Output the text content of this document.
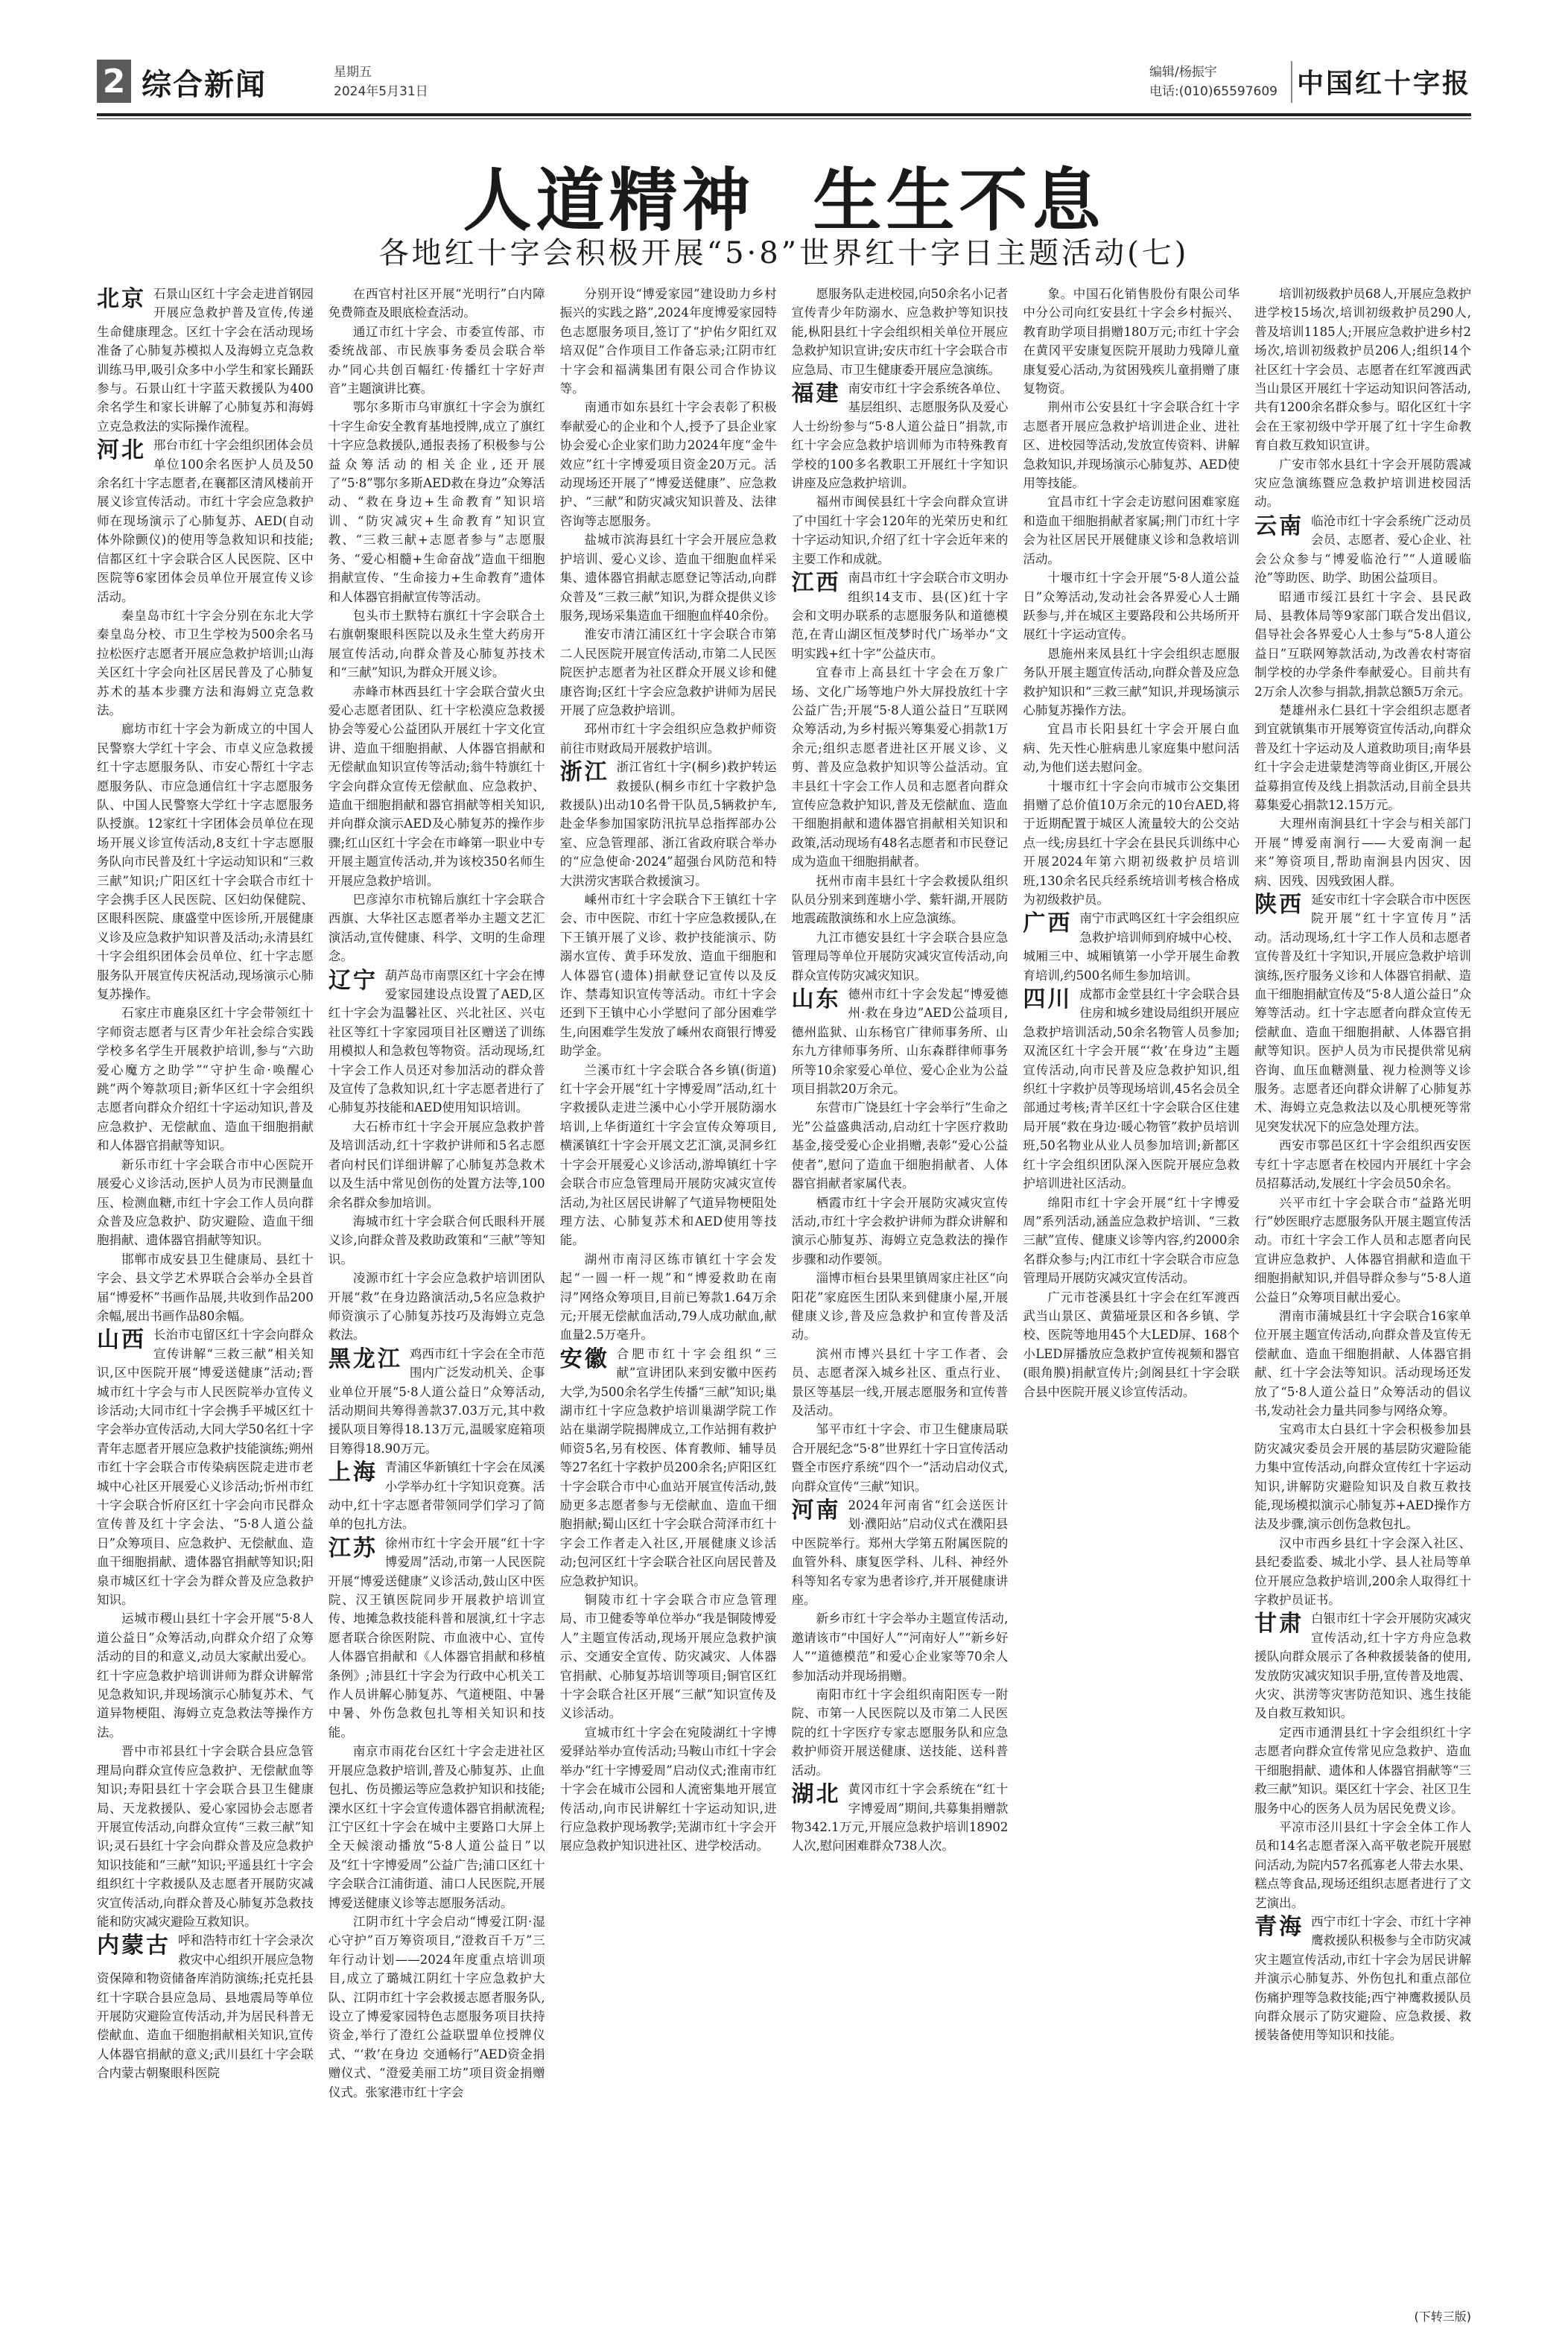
2 综合新闻	星期五
2024年5月31日
编辑/杨振宇
电话:(010)65597609 中国红十字报
人道精神 生生不息
各地红十字会积极开展“5·8”世界红十字日主题活动(七)

北京 石景山区红十字会走进首钢园开展应急救护普及宣传,传递生命健康理念。区红十字会在活动现场准备了心肺复苏模拟人及海姆立克急救训练马甲,吸引众多中小学生和家长踊跃参与。石景山红十字蓝天救援队为400余名学生和家长讲解了心肺复苏和海姆立克急救法的实际操作流程。

河北 邢台市红十字会组织团体会员单位100余名医护人员及50余名红十字志愿者,在襄都区清风楼前开展义诊宣传活动。市红十字会应急救护师在现场演示了心肺复苏、AED(自动体外除颤仪)的使用等急救知识和技能;信都区红十字会联合区人民医院、区中医院等6家团体会员单位开展宣传义诊活动。

秦皇岛市红十字会分别在东北大学秦皇岛分校、市卫生学校为500余名马拉松医疗志愿者开展应急救护培训;山海关区红十字会向社区居民普及了心肺复苏术的基本步骤方法和海姆立克急救法。

廊坊市红十字会为新成立的中国人民警察大学红十字会、市卓义应急救援红十字志愿服务队、市安心帮红十字志愿服务队、市应急通信红十字志愿服务队、中国人民警察大学红十字志愿服务队授旗。12家红十字团体会员单位在现场开展义诊宣传活动,8支红十字志愿服务队向市民普及红十字运动知识和“三救三献”知识;广阳区红十字会联合市红十字会携手区人民医院、区妇幼保健院、区眼科医院、康盛堂中医诊所,开展健康义诊及应急救护知识普及活动;永清县红十字会组织团体会员单位、红十字志愿服务队开展宣传庆祝活动,现场演示心肺复苏操作。

石家庄市鹿泉区红十字会带领红十字师资志愿者与区青少年社会综合实践学校多名学生开展救护培训,参与“六助爱心魔方之助学”“守护生命·唤醒心跳”两个筹款项目;新华区红十字会组织志愿者向群众介绍红十字运动知识,普及应急救护、无偿献血、造血干细胞捐献和人体器官捐献等知识。

新乐市红十字会联合市中心医院开展爱心义诊活动,医护人员为市民测量血压、检测血糖,市红十字会工作人员向群众普及应急救护、防灾避险、造血干细胞捐献、遗体器官捐献等知识。

邯郸市成安县卫生健康局、县红十字会、县文学艺术界联合会举办全县首届“博爱杯”书画作品展,共收到作品200余幅,展出书画作品80余幅。

山西 长治市屯留区红十字会向群众宣传讲解“三救三献”相关知识,区中医院开展“博爱送健康”活动;晋城市红十字会与市人民医院举办宣传义诊活动;大同市红十字会携手平城区红十字会举办宣传活动,大同大学50名红十字青年志愿者开展应急救护技能演练;朔州市红十字会联合市传染病医院走进市老城中心社区开展爱心义诊活动;忻州市红十字会联合忻府区红十字会向市民群众宣传普及红十字会法、“5·8人道公益日”众筹项目、应急救护、无偿献血、造血干细胞捐献、遗体器官捐献等知识;阳泉市城区红十字会为群众普及应急救护知识。

运城市稷山县红十字会开展“5·8人道公益日”众筹活动,向群众介绍了众筹活动的目的和意义,动员大家献出爱心。红十字应急救护培训讲师为群众讲解常见急救知识,并现场演示心肺复苏术、气道异物梗阻、海姆立克急救法等操作方法。

晋中市祁县红十字会联合县应急管理局向群众宣传应急救护、无偿献血等知识;寿阳县红十字会联合县卫生健康局、天龙救援队、爱心家园协会志愿者开展宣传活动,向群众宣传“三救三献”知识;灵石县红十字会向群众普及应急救护知识技能和“三献”知识;平遥县红十字会组织红十字救援队及志愿者开展防灾减灾宣传活动,向群众普及心肺复苏急救技能和防灾减灾避险互救知识。

内蒙古 呼和浩特市红十字会录次救灾中心组织开展应急物资保障和物资储备库消防演练;托克托县红十字联合县应急局、县地震局等单位开展防灾避险宣传活动,并为居民科普无偿献血、造血干细胞捐献相关知识,宣传人体器官捐献的意义;武川县红十字会联合内蒙古朝聚眼科医院

在西官村社区开展“光明行”白内障免费筛查及眼底检查活动。

通辽市红十字会、市委宣传部、市委统战部、市民族事务委员会联合举办“同心共创百幅红·传播红十字好声音”主题演讲比赛。

鄂尔多斯市乌审旗红十字会为旗红十字生命安全教育基地授牌,成立了旗红十字应急救援队,通报表扬了积极参与公益众筹活动的相关企业,还开展了“5·8”鄂尔多斯AED救在身边”众筹活动、“救在身边+生命教育”知识培训、“防灾减灾+生命教育”知识宣教、“三救三献+志愿者参与”志愿服务、“爱心相髓+生命奋战”造血干细胞捐献宣传、“生命接力+生命教育”遗体和人体器官捐献宣传等活动。

包头市土默特右旗红十字会联合土右旗朝聚眼科医院以及永生堂大药房开展宣传活动,向群众普及心肺复苏技术和“三献”知识,为群众开展义诊。

赤峰市林西县红十字会联合萤火虫爱心志愿者团队、红十字松漠应急救援协会等爱心公益团队开展红十字文化宣讲、造血干细胞捐献、人体器官捐献和无偿献血知识宣传等活动;翁牛特旗红十字会向群众宣传无偿献血、应急救护、造血干细胞捐献和器官捐献等相关知识,并向群众演示AED及心肺复苏的操作步骤;红山区红十字会在市峰第一职业中专开展主题宣传活动,并为该校350名师生开展应急救护培训。

巴彦淖尔市杭锦后旗红十字会联合西旗、大华社区志愿者举办主题文艺汇演活动,宣传健康、科学、文明的生命理念。

辽宁 葫芦岛市南票区红十字会在博爱家园建设点设置了AED,区红十字会为温馨社区、兴北社区、兴屯社区等红十字家园项目社区赠送了训练用模拟人和急救包等物资。活动现场,红十字会工作人员还对参加活动的群众普及宣传了急救知识,红十字志愿者进行了心肺复苏技能和AED使用知识培训。

大石桥市红十字会开展应急救护普及培训活动,红十字救护讲师和5名志愿者向村民们详细讲解了心肺复苏急救术以及生活中常见创伤的处置方法等,100余名群众参加培训。

海城市红十字会联合何氏眼科开展义诊,向群众普及救助政策和“三献”等知识。

凌源市红十字会应急救护培训团队开展“救”在身边路演活动,5名应急救护师资演示了心肺复苏技巧及海姆立克急救法。

黑龙江 鸡西市红十字会在全市范围内广泛发动机关、企事业单位开展“5·8人道公益日”众筹活动,活动期间共筹得善款37.03万元,其中救援队项目筹得18.13万元,温暖家庭箱项目筹得18.90万元。

上海 青浦区华新镇红十字会在凤溪小学举办红十字知识竞赛。活动中,红十字志愿者带领同学们学习了简单的包扎方法。

江苏 徐州市红十字会开展“红十字博爱周”活动,市第一人民医院开展“博爱送健康”义诊活动,鼓山区中医院、汉王镇医院同步开展救护培训宣传、地摊急救技能科普和展演,红十字志愿者联合徐医附院、市血液中心、宣传人体器官捐献和《人体器官捐献和移植条例》;沛县红十字会为行政中心机关工作人员讲解心肺复苏、气道梗阻、中暑中暑、外伤急救包扎等相关知识和技能。

南京市雨花台区红十字会走进社区开展应急救护培训,普及心肺复苏、止血包扎、伤员搬运等应急救护知识和技能;溧水区红十字会宣传遗体器官捐献流程;江宁区红十字会在城中主要路口大屏上全天候滚动播放“5·8人道公益日”以及“红十字博爱周”公益广告;浦口区红十字会联合江浦街道、浦口人民医院,开展博爱送健康义诊等志愿服务活动。

江阴市红十字会启动“博爱江阴·湿心守护”百万筹资项目,“澄救百千万”三年行动计划——2024年度重点培训项目,成立了璐城江阴红十字应急救护大队、江阴市红十字会救援志愿者服务队,设立了博爱家园特色志愿服务项目扶持资金,举行了澄红公益联盟单位授牌仪式、“‘救’在身边 交通畅行”AED资金捐赠仪式、“澄爱美丽工坊”项目资金捐赠仪式。张家港市红十字会

分别开设“博爱家园”建设助力乡村振兴的实践之路”,2024年度博爱家园特色志愿服务项目,签订了“护佑夕阳红双培双促”合作项目工作备忘录;江阴市红十字会和福满集团有限公司合作协议等。

南通市如东县红十字会表彰了积极奉献爱心的企业和个人,授予了县企业家协会爱心企业家们助力2024年度“金牛效应”红十字博爱项目资金20万元。活动现场还开展了“博爱送健康”、应急救护、“三献”和防灾减灾知识普及、法律咨询等志愿服务。

盐城市滨海县红十字会开展应急救护培训、爱心义诊、造血干细胞血样采集、遗体器官捐献志愿登记等活动,向群众普及“三救三献”知识,为群众提供义诊服务,现场采集造血干细胞血样40余份。

淮安市清江浦区红十字会联合市第二人民医院开展宣传活动,市第二人民医院医护志愿者为社区群众开展义诊和健康咨询;区红十字会应急救护讲师为居民开展了应急救护培训。

邳州市红十字会组织应急救护师资前往市财政局开展救护培训。

浙江 浙江省红十字(桐乡)救护转运救援队(桐乡市红十字救护急救援队)出动10名骨干队员,5辆救护车,赴金华参加国家防汛抗旱总指挥部办公室、应急管理部、浙江省政府联合举办的“应急使命·2024”超强台风防范和特大洪涝灾害联合救援演习。

嵊州市红十字会联合下王镇红十字会、市中医院、市红十字应急救援队,在下王镇开展了义诊、救护技能演示、防溺水宣传、黄手环发放、造血干细胞和人体器官(遗体)捐献登记宣传以及反诈、禁毒知识宣传等活动。市红十字会还到下王镇中心小学慰问了部分困难学生,向困难学生发放了嵊州农商银行博爱助学金。

兰溪市红十字会联合各乡镇(街道)红十字会开展“红十字博爱周”活动,红十字救援队走进兰溪中心小学开展防溺水培训,上华街道红十字会宣传众筹项目,横溪镇红十字会开展文艺汇演,灵洞乡红十字会开展爱心义诊活动,游埠镇红十字会联合市应急管理局开展防灾减灾宣传活动,为社区居民讲解了气道异物梗阻处理方法、心肺复苏术和AED使用等技能。

湖州市南浔区练市镇红十字会发起“一圆一杆一规”和“博爱救助在南浔”网络众筹项目,目前已筹款1.64万余元;开展无偿献血活动,79人成功献血,献血量2.5万毫升。

安徽 合肥市红十字会组织“三献”宣讲团队来到安徽中医药大学,为500余名学生传播“三献”知识;巢湖市红十字应急救护培训巢湖学院工作站在巢湖学院揭牌成立,工作站拥有救护师资5名,另有校医、体育教师、辅导员等27名红十字救护员200余名;庐阳区红十字会联合市中心血站开展宣传活动,鼓励更多志愿者参与无偿献血、造血干细胞捐献;蜀山区红十字会联合菏泽市红十字会工作者走入社区,开展健康义诊活动;包河区红十字会联合社区向居民普及应急救护知识。

铜陵市红十字会联合市应急管理局、市卫健委等单位举办“我是铜陵博爱人”主题宣传活动,现场开展应急救护演示、交通安全宣传、防灾减灾、人体器官捐献、心肺复苏培训等项目;铜官区红十字会联合社区开展“三献”知识宣传及义诊活动。

宣城市红十字会在宛陵湖红十字博爱驿站举办宣传活动;马鞍山市红十字会举办“红十字博爱周”启动仪式;淮南市红十字会在城市公园和人流密集地开展宣传活动,向市民讲解红十字运动知识,进行应急救护现场教学;芜湖市红十字会开展应急救护知识进社区、进学校活动。

愿服务队走进校园,向50余名小记者宣传青少年防溺水、应急救护等知识技能,枞阳县红十字会组织相关单位开展应急救护知识宣讲;安庆市红十字会联合市应急局、市卫生健康委开展应急演练。

福建 南安市红十字会系统各单位、基层组织、志愿服务队及爱心人士纷纷参与“5·8人道公益日”捐款,市红十字会应急救护培训师为市特殊教育学校的100多名教职工开展红十字知识讲座及应急救护培训。

福州市闽侯县红十字会向群众宣讲了中国红十字会120年的光荣历史和红十字运动知识,介绍了红十字会近年来的主要工作和成就。

江西 南昌市红十字会联合市文明办组织14支市、县(区)红十字会和文明办联系的志愿服务队和道德模范,在青山湖区恒茂梦时代广场举办“文明实践+红十字”公益庆市。

宜春市上高县红十字会在万象广场、文化广场等地户外大屏投放红十字公益广告;开展“5·8人道公益日”互联网众筹活动,为乡村振兴筹集爱心捐款1万余元;组织志愿者进社区开展义诊、义剪、普及应急救护知识等公益活动。宜丰县红十字会工作人员和志愿者向群众宣传应急救护知识,普及无偿献血、造血干细胞捐献和遗体器官捐献相关知识和政策,活动现场有48名志愿者和市民登记成为造血干细胞捐献者。

抚州市南丰县红十字会救援队组织队员分别来到莲塘小学、紫轩湖,开展防地震疏散演练和水上应急演练。

九江市德安县红十字会联合县应急管理局等单位开展防灾减灾宣传活动,向群众宣传防灾减灾知识。

山东 德州市红十字会发起“博爱德州·救在身边”AED公益项目,德州监狱、山东杨官广律师事务所、山东九方律师事务所、山东森群律师事务所等10余家爱心单位、爱心企业为公益项目捐款20万余元。

东营市广饶县红十字会举行“生命之光”公益盛典活动,启动红十字医疗救助基金,接受爱心企业捐赠,表彰“爱心公益使者”,慰问了造血干细胞捐献者、人体器官捐献者家属代表。

栖霞市红十字会开展防灾减灾宣传活动,市红十字会救护讲师为群众讲解和演示心肺复苏、海姆立克急救法的操作步骤和动作要领。

淄博市桓台县果里镇周家庄社区“向阳花”家庭医生团队来到健康小屋,开展健康义诊,普及应急救护和宣传普及活动。

滨州市博兴县红十字工作者、会员、志愿者深入城乡社区、重点行业、景区等基层一线,开展志愿服务和宣传普及活动。

邹平市红十字会、市卫生健康局联合开展纪念“5·8”世界红十字日宣传活动暨全市医疗系统“四个一”活动启动仪式,向群众宣传“三献”知识。

河南 2024年河南省“红会送医计划·濮阳站”启动仪式在濮阳县中医院举行。郑州大学第五附属医院的血管外科、康复医学科、儿科、神经外科等知名专家为患者诊疗,并开展健康讲座。

新乡市红十字会举办主题宣传活动,邀请该市“中国好人”“河南好人”“新乡好人”“道德模范”和爱心企业家等70余人参加活动并现场捐赠。

南阳市红十字会组织南阳医专一附院、市第一人民医院以及市第二人民医院的红十字医疗专家志愿服务队和应急救护师资开展送健康、送技能、送科普活动。

湖北 黄冈市红十字会系统在“红十字博爱周”期间,共募集捐赠款物342.1万元,开展应急救护培训18902人次,慰问困难群众738人次。

象。中国石化销售股份有限公司华中分公司向红安县红十字会乡村振兴、教育助学项目捐赠180万元;市红十字会在黄冈平安康复医院开展助力残障儿童康复爱心活动,为贫困残疾儿童捐赠了康复物资。

荆州市公安县红十字会联合红十字志愿者开展应急救护培训进企业、进社区、进校园等活动,发放宣传资料、讲解急救知识,并现场演示心肺复苏、AED使用等技能。

宜昌市红十字会走访慰问困难家庭和造血干细胞捐献者家属;荆门市红十字会为社区居民开展健康义诊和急救培训活动。

十堰市红十字会开展“5·8人道公益日”众筹活动,发动社会各界爱心人士踊跃参与,并在城区主要路段和公共场所开展红十字运动宣传。

恩施州来凤县红十字会组织志愿服务队开展主题宣传活动,向群众普及应急救护知识和“三救三献”知识,并现场演示心肺复苏操作方法。

宜昌市长阳县红十字会开展白血病、先天性心脏病患儿家庭集中慰问活动,为他们送去慰问金。

十堰市红十字会向市城市公交集团捐赠了总价值10万余元的10台AED,将于近期配置于城区人流量较大的公交站点一线;房县红十字会在县民兵训练中心开展2024年第六期初级救护员培训班,130余名民兵经系统培训考核合格成为初级救护员。

广西 南宁市武鸣区红十字会组织应急救护培训师到府城中心校、城厢三中、城厢镇第一小学开展生命教育培训,约500名师生参加培训。

四川 成都市金堂县红十字会联合县住房和城乡建设局组织开展应急救护培训活动,50余名物管人员参加;双流区红十字会开展“‘救’在身边”主题宣传活动,向市民普及应急救护知识,组织红十字救护员等现场培训,45名会员全部通过考核;青羊区红十字会联合区住建局开展“救在身边·暖心物管”救护员培训班,50名物业从业人员参加培训;新都区红十字会组织团队深入医院开展应急救护培训进社区活动。

绵阳市红十字会开展“红十字博爱周”系列活动,涵盖应急救护培训、“三救三献”宣传、健康义诊等内容,约2000余名群众参与;内江市红十字会联合市应急管理局开展防灾减灾宣传活动。

广元市苍溪县红十字会在红军渡西武当山景区、黄猫垭景区和各乡镇、学校、医院等地用45个大LED屏、168个小LED屏播放应急救护宣传视频和器官(眼角膜)捐献宣传片;剑阁县红十字会联合县中医院开展义诊宣传活动。

培训初级救护员68人,开展应急救护进学校15场次,培训初级救护员290人,普及培训1185人;开展应急救护进乡村2场次,培训初级救护员206人;组织14个社区红十字会员、志愿者在红军渡西武当山景区开展红十字运动知识问答活动,共有1200余名群众参与。昭化区红十字会在王家初级中学开展了红十字生命教育自救互救知识宣讲。

广安市邻水县红十字会开展防震减灾应急演练暨应急救护培训进校园活动。

云南 临沧市红十字会系统广泛动员会员、志愿者、爱心企业、社会公众参与“博爱临沧行”“人道暖临沧”等助医、助学、助困公益项目。

昭通市绥江县红十字会、县民政局、县教体局等9家部门联合发出倡议,倡导社会各界爱心人士参与“5·8人道公益日”互联网筹款活动,为改善农村寄宿制学校的办学条件奉献爱心。目前共有2万余人次参与捐款,捐款总额5万余元。

楚雄州永仁县红十字会组织志愿者到宜就镇集市开展筹资宣传活动,向群众普及红十字运动及人道救助项目;南华县红十字会走进蒙楚湾等商业街区,开展公益募捐宣传及线上捐款活动,目前全县共募集爱心捐款12.15万元。

大理州南涧县红十字会与相关部门开展“博爱南涧行——大爱南涧一起来”筹资项目,帮助南涧县内因灾、因病、因残、因残致困人群。

陕西 延安市红十字会联合市中医医院开展“红十字宣传月”活动。活动现场,红十字工作人员和志愿者宣传普及红十字知识,开展应急救护培训演练,医疗服务义诊和人体器官捐献、造血干细胞捐献宣传及“5·8人道公益日”众筹等活动。红十字志愿者向群众宣传无偿献血、造血干细胞捐献、人体器官捐献等知识。医护人员为市民提供常见病咨询、血压血糖测量、视力检测等义诊服务。志愿者还向群众讲解了心肺复苏术、海姆立克急救法以及心肌梗死等常见突发状况下的应急处理方法。

西安市鄠邑区红十字会组织西安医专红十字志愿者在校园内开展红十字会员招募活动,发展红十字会员50余名。

兴平市红十字会联合市“益路光明行”妙医眼疗志愿服务队开展主题宣传活动。市红十字会工作人员和志愿者向民宣讲应急救护、人体器官捐献和造血干细胞捐献知识,并倡导群众参与“5·8人道公益日”众筹项目献出爱心。

渭南市蒲城县红十字会联合16家单位开展主题宣传活动,向群众普及宣传无偿献血、造血干细胞捐献、人体器官捐献、红十字会法等知识。活动现场还发放了“5·8人道公益日”众筹活动的倡议书,发动社会力量共同参与网络众筹。

宝鸡市太白县红十字会积极参加县防灾减灾委员会开展的基层防灾避险能力集中宣传活动,向群众宣传红十字运动知识,讲解防灾避险知识及自救互救技能,现场模拟演示心肺复苏+AED操作方法及步骤,演示创伤急救包扎。

汉中市西乡县红十字会深入社区、县纪委监委、城北小学、县人社局等单位开展应急救护培训,200余人取得红十字救护员证书。

甘肃 白银市红十字会开展防灾减灾宣传活动,红十字方舟应急救援队向群众展示了各种救援装备的使用,发放防灾减灾知识手册,宣传普及地震、火灾、洪涝等灾害防范知识、逃生技能及自救互救知识。

定西市通渭县红十字会组织红十字志愿者向群众宣传常见应急救护、造血干细胞捐献、遗体和人体器官捐献等“三救三献”知识。渠区红十字会、社区卫生服务中心的医务人员为居民免费义诊。

平凉市泾川县红十字会全体工作人员和14名志愿者深入高平敬老院开展慰问活动,为院内57名孤寡老人带去水果、糕点等食品,现场还组织志愿者进行了文艺演出。

青海 西宁市红十字会、市红十字神鹰救援队积极参与全市防灾减灾主题宣传活动,市红十字会为居民讲解并演示心肺复苏、外伤包扎和重点部位伤痛护理等急救技能;西宁神鹰救援队员向群众展示了防灾避险、应急救援、救援装备使用等知识和技能。

(下转三版)
